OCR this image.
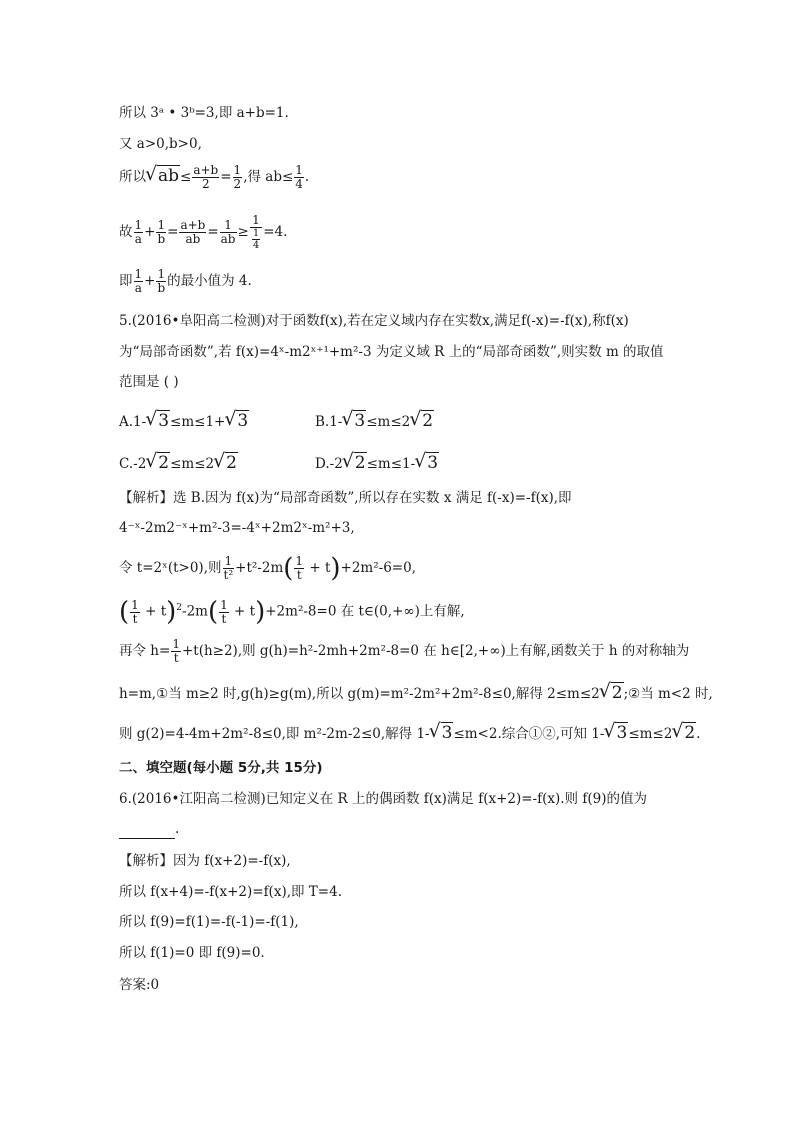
所以 3ᵃ • 3ᵇ=3,即 a+b=1.
又 a>0,b>0,
所以 √ $ab\le \frac{a+b}{2} = \frac{1}{2}$ ,得 $ab\le \frac{1}{4}$ .
故 $\frac{1}{a} + \frac{1}{b} = \frac{a+b}{ab} = \frac{1}{ab} \ge \frac{1}{\frac{1}{4}} =4$.
即 $\frac{1}{a} + \frac{1}{b}$ 的最小值为 4.
5.(2016•阜阳高二检测)对于函数f(x),若在定义域内存在实数x,满足f(-x)=-f(x),称f(x)
为“局部奇函数”,若 f(x)=4ˣ-m2ˣ⁺¹+m²-3 为定义域 R 上的“局部奇函数”,则实数 m 的取值
范围是 ( )
A.1- √ 3≤m≤1+ √ 3	B.1- √ 3≤m≤2 √ 2
C.-2 √ 2≤m≤2 √ 2	D.-2 √ 2≤m≤1- √ 3
【解析】选 B.因为 f(x)为“局部奇函数”,所以存在实数 x 满足 f(-x)=-f(x),即
4⁻ˣ-2m2⁻ˣ+m²-3=-4ˣ+2m2ˣ-m²+3,
令 t=2ˣ(t>0),则 $\frac{1}{\text{t²}} +t^2-2m( \frac{1}{t} + t)+2m^2-6=0$,
( $\frac{1}{t} + t)^2-2m( \frac{1}{t} + t)+2m^2-8=0$ 在 t∈(0,+∞)上有解,
再令 $h= \frac{1}{t} +t(h\ge 2)$,则 g(h)=h²-2mh+2m²-8=0 在 h∈[2,+∞)上有解,函数关于 h 的对称轴为
h=m,①当 m≥2 时,g(h)≥g(m),所以 g(m)=m²-2m²+2m²-8≤0,解得 2≤m≤2 √ 2;②当 m<2 时,
则 g(2)=4-4m+2m²-8≤0,即 m²-2m-2≤0,解得 1- √ 3≤m<2.综合①②,可知 1- √ 3≤m≤2 √ 2.
二、填空题(每小题 5分,共 15分)
6.(2016•江阳高二检测)已知定义在 R 上的偶函数 f(x)满足 f(x+2)=-f(x).则 f(9)的值为
.
【解析】因为 f(x+2)=-f(x),
所以 f(x+4)=-f(x+2)=f(x),即 T=4.
所以 f(9)=f(1)=-f(-1)=-f(1),
所以 f(1)=0 即 f(9)=0.
答案:0
